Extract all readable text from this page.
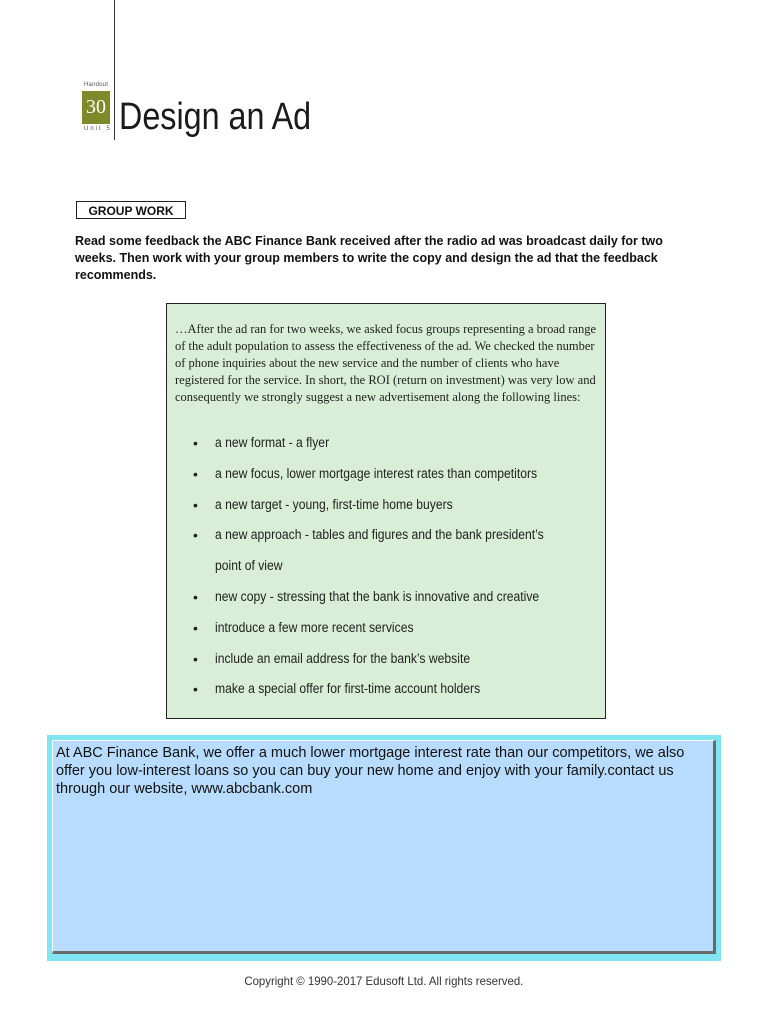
Handout
30
Unit 5 Design an Ad
GROUP WORK
Read some feedback the ABC Finance Bank received after the radio ad was broadcast daily for two weeks. Then work with your group members to write the copy and design the ad that the feedback recommends.
…After the ad ran for two weeks, we asked focus groups representing a broad range of the adult population to assess the effectiveness of the ad. We checked the number of phone inquiries about the new service and the number of clients who have registered for the service. In short, the ROI (return on investment) was very low and consequently we strongly suggest a new advertisement along the following lines:
• a new format - a flyer
• a new focus, lower mortgage interest rates than competitors
• a new target - young, first-time home buyers
• a new approach - tables and figures and the bank president’s
point of view
• new copy - stressing that the bank is innovative and creative
• introduce a few more recent services
• include an email address for the bank’s website
• make a special offer for first-time account holders
At ABC Finance Bank, we offer a much lower mortgage interest rate than our competitors, we also offer you low-interest loans so you can buy your new home and enjoy with your family.contact us through our website, www.abcbank.com
Copyright © 1990-2017 Edusoft Ltd. All rights reserved.
